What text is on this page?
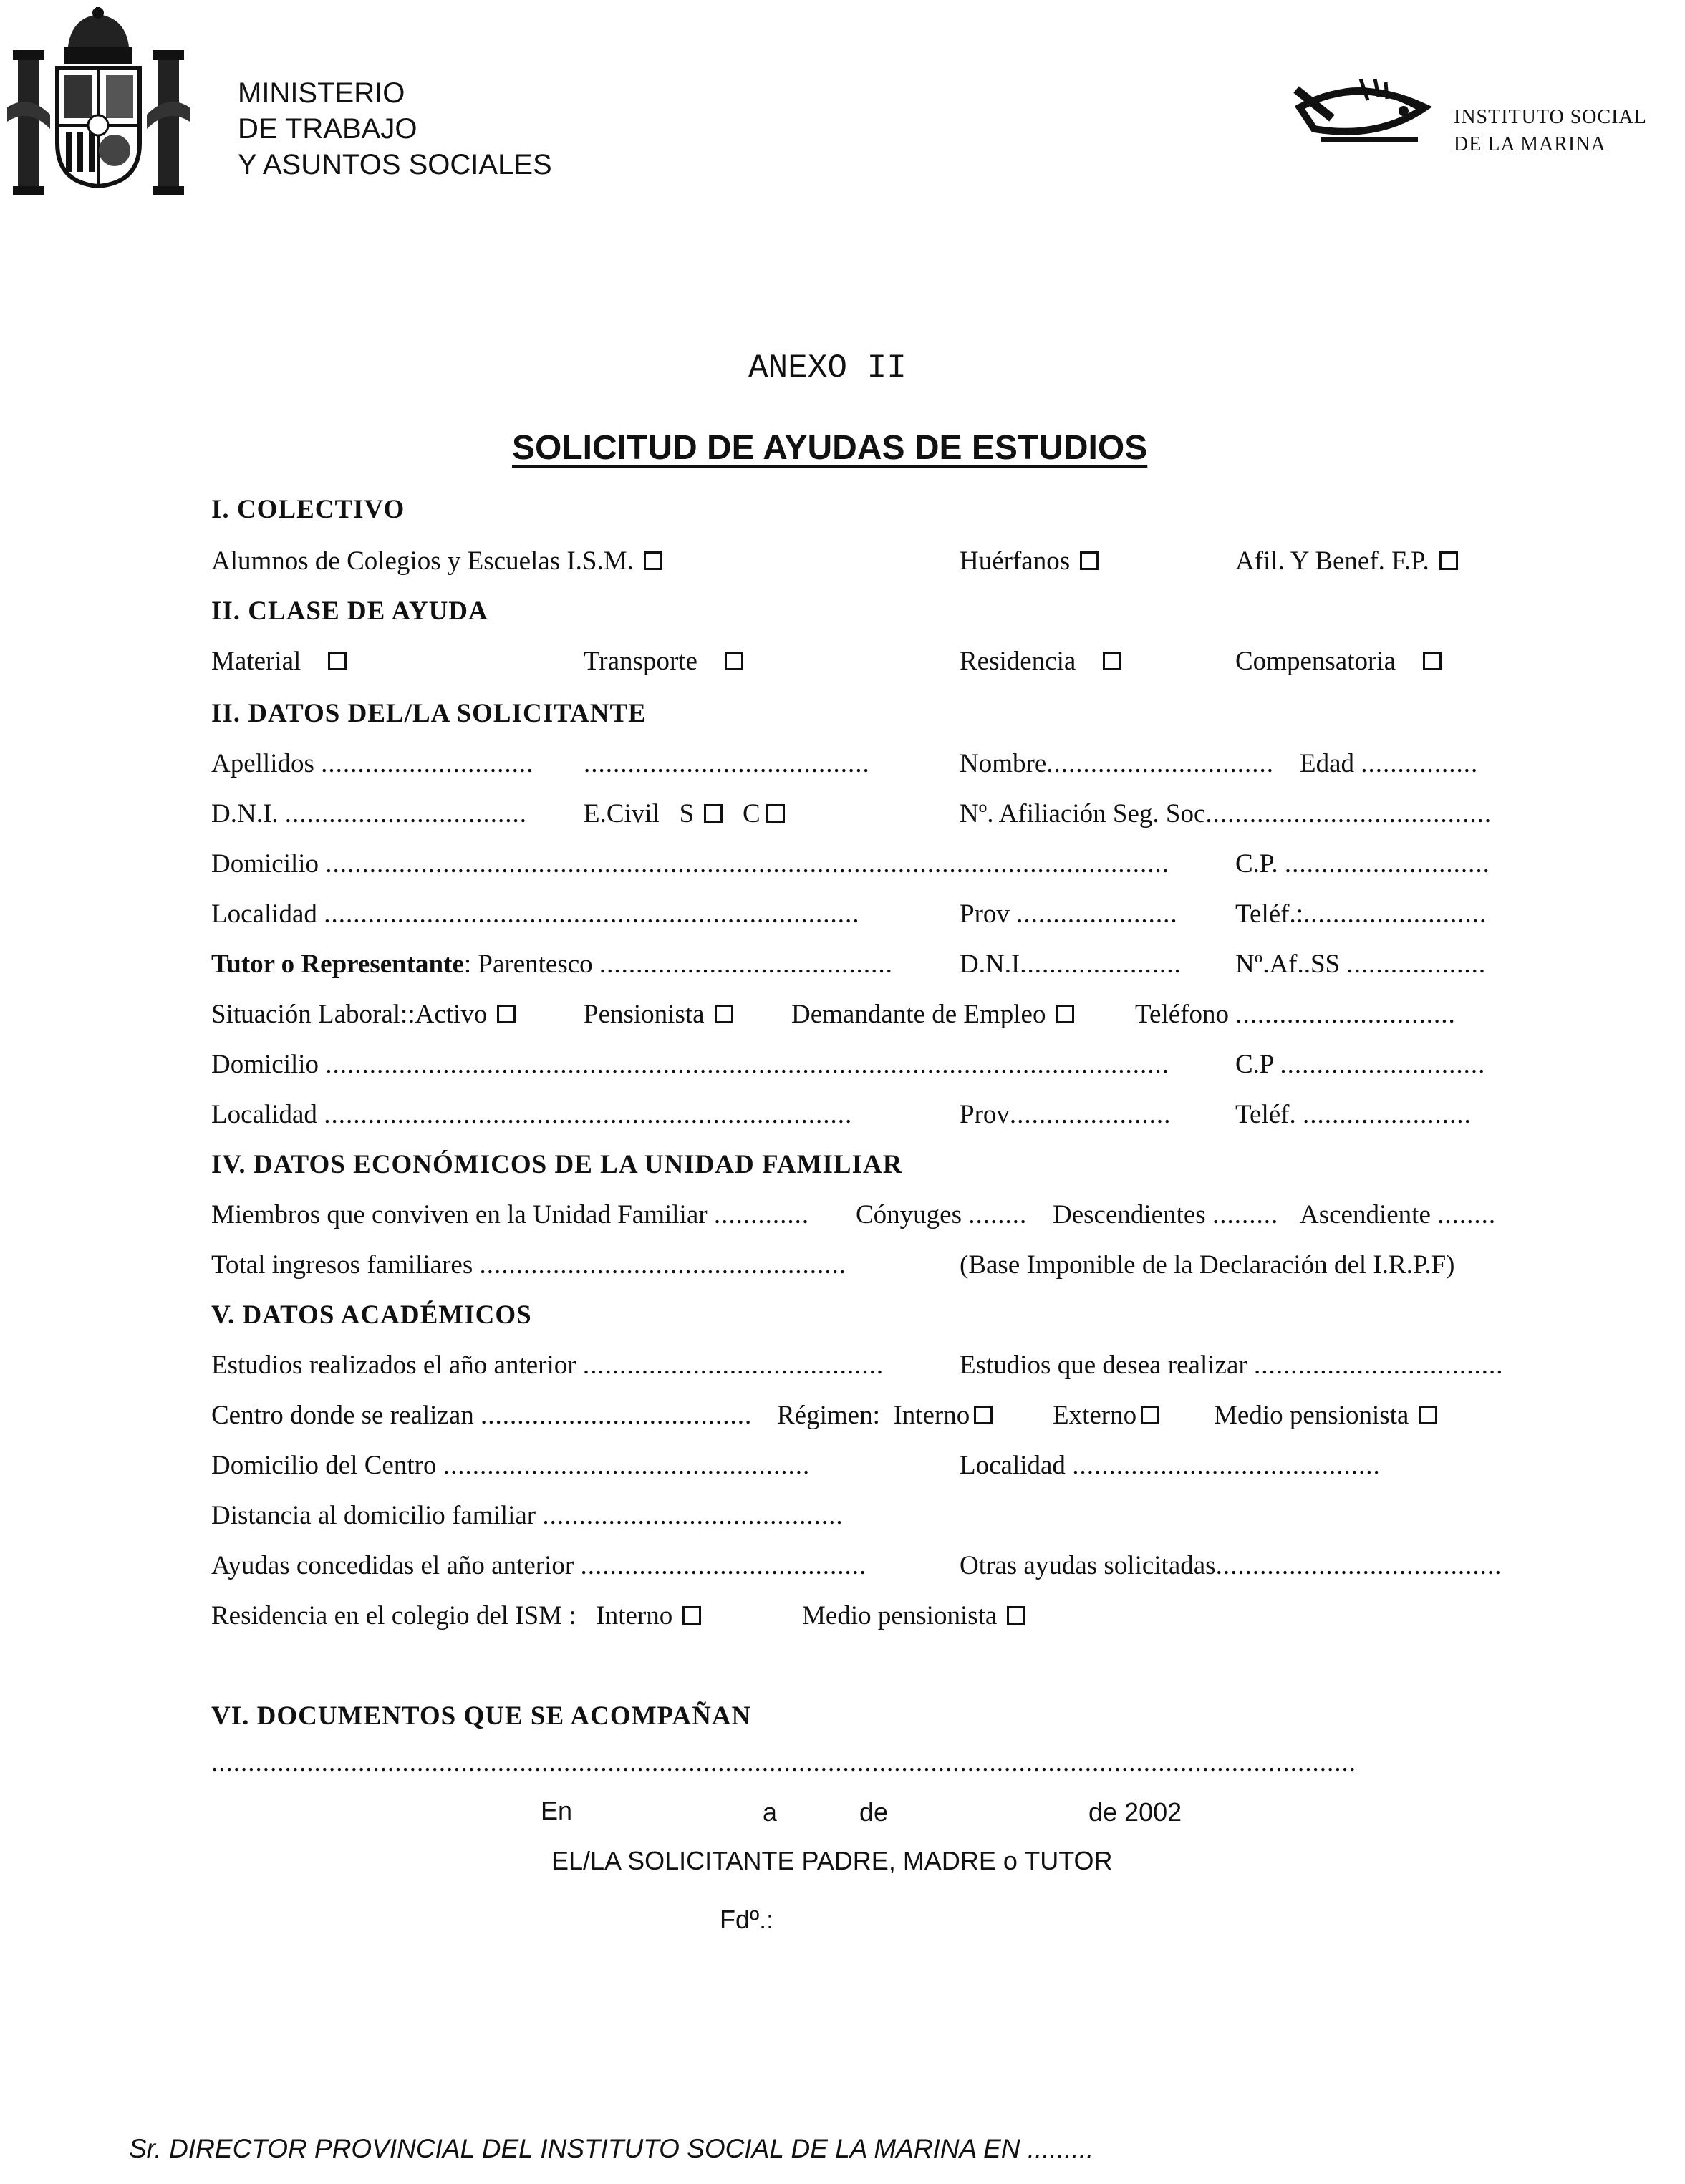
MINISTERIO
DE TRABAJO
Y ASUNTOS SOCIALES
INSTITUTO SOCIAL
DE LA MARINA
ANEXO II
SOLICITUD DE AYUDAS DE ESTUDIOS
I. COLECTIVO
Alumnos de Colegios y Escuelas I.S.M.	Huérfanos	Afil. Y Benef. F.P.
II. CLASE DE AYUDA
Material	Transporte	Residencia	Compensatoria
II. DATOS DEL/LA SOLICITANTE
Apellidos ............................. .......................................	Nombre............................... Edad ................
D.N.I. ................................. E.Civil S C	Nº. Afiliación Seg. Soc.......................................
Domicilio ................................................................................................................... C.P. ............................
Localidad .........................................................................	Prov ...................... Teléf.:.........................
Tutor o Representante: Parentesco ........................................	D.N.I...................... Nº.Af..SS ...................
Situación Laboral::Activo	Pensionista	Demandante de Empleo	Teléfono ..............................
Domicilio ................................................................................................................... C.P ............................
Localidad ........................................................................	Prov...................... Teléf. .......................
IV. DATOS ECONÓMICOS DE LA UNIDAD FAMILIAR
Miembros que conviven en la Unidad Familiar ............. Cónyuges ........ Descendientes ......... Ascendiente ........
Total ingresos familiares ..................................................	(Base Imponible de la Declaración del I.R.P.F)
V. DATOS ACADÉMICOS
Estudios realizados el año anterior .........................................	Estudios que desea realizar ..................................
Centro donde se realizan ..................................... Régimen: Interno	Externo	Medio pensionista
Domicilio del Centro ..................................................	Localidad ..........................................
Distancia al domicilio familiar .........................................
Ayudas concedidas el año anterior .......................................	Otras ayudas solicitadas.......................................
Residencia en el colegio del ISM : Interno	Medio pensionista
VI. DOCUMENTOS QUE SE ACOMPAÑAN
............................................................................................................................................................
En	a	de	de 2002
EL/LA SOLICITANTE PADRE, MADRE o TUTOR
Fdº.:
Sr. DIRECTOR PROVINCIAL DEL INSTITUTO SOCIAL DE LA MARINA EN .........
